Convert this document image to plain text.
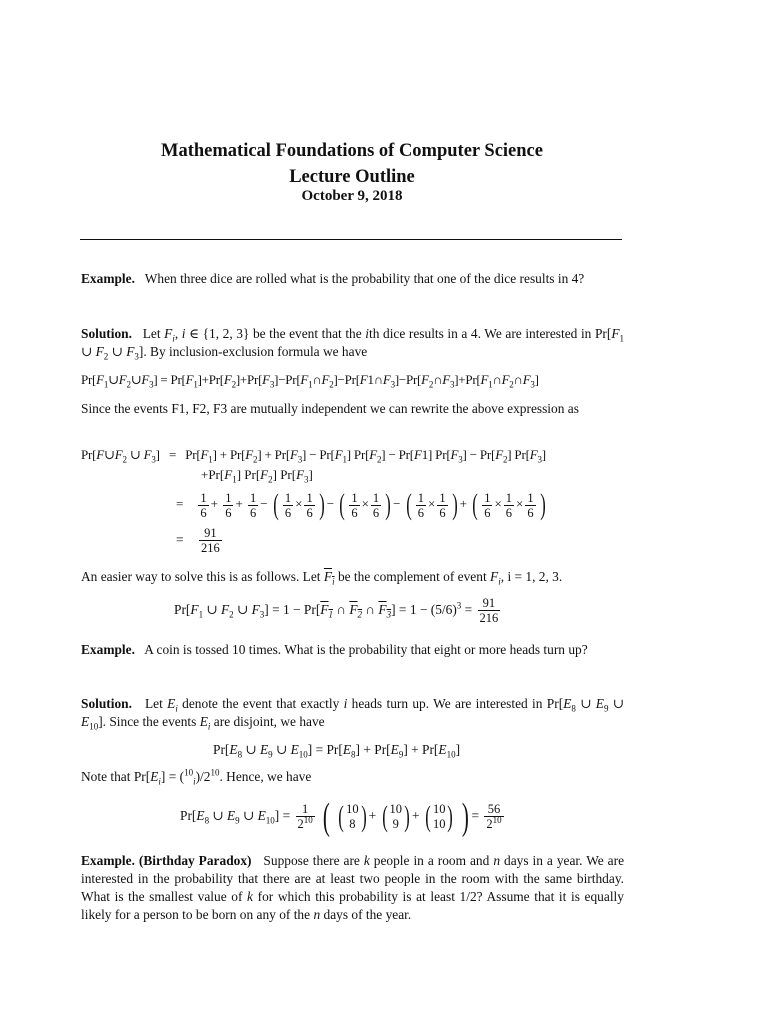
Mathematical Foundations of Computer Science
Lecture Outline
October 9, 2018
Example. When three dice are rolled what is the probability that one of the dice results in 4?
Solution. Let $F_i$, i ∈ {1, 2, 3} be the event that the ith dice results in a 4. We are interested in $Pr[F_1$ ∪ $F_2$ ∪ $F_3$]. By inclusion-exclusion formula we have
$Pr[F_1\cup F_2\cup F_3]$ = $Pr[F_1]+Pr[F_2]+Pr[F_3]-Pr[F_1\cap F_2]-Pr[F1\cap F_3]-Pr[F_2\cap F_3]+Pr[F_1\cap F_2\cap F_3]$
Since the events F1, F2, F3 are mutually independent we can rewrite the above expression as
$Pr[F\cup F_2$ ∪ $F_3] = Pr[F_1] + Pr[F_2] + Pr[F_3] - Pr[F_1]$ $Pr[F_2] - Pr[F1] Pr[F_3] - Pr[F_2]$ $Pr[F_3]$
$+Pr[F_1]$ $Pr[F_2]$ $Pr[F_3]$
= $\frac{1}{6} + \frac{1}{6} + \frac{1}{6}$ − ( $\frac{1}{6} \times \frac{1}{6}$ ) − ( $\frac{1}{6} \times \frac{1}{6}$ ) − ( $\frac{1}{6} \times \frac{1}{6}$ ) + ( $\frac{1}{6} \times \frac{1}{6} \times \frac{1}{6}$ )
= $\frac{91}{216}$
An easier way to solve this is as follows. Let $F_i$ be the complement of event $F_i$, i = 1, 2, 3.
$Pr[F_1$ ∪ $F_2$ ∪ $F_3] = 1 - Pr[F_1$ ∩ $F_2$ ∩ $F_3] = 1 - (5/6)^3 = \frac{91}{216}$
Example. A coin is tossed 10 times. What is the probability that eight or more heads turn up?
Solution. Let $E_i$ denote the event that exactly i heads turn up. We are interested in $Pr[E_8$ ∪ $E_9$ ∪ $E_{10}$]. Since the events $E_i$ are disjoint, we have
$Pr[E_8$ ∪ $E_9$ ∪ $E_{10}] = Pr[E_8] + Pr[E_9] + Pr[E_{10}]$
Note that $Pr[E_i] = (^{10}_i)/2^{10}$. Hence, we have
$Pr[E_8$ ∪ $E_9$ ∪ $E_{10}] = \frac{1}{2^{10}}$ ( ( 10
8 ) + ( 10
9 ) + ( 10
10 ) ) = $\frac{56}{2^{10}}$
Example. (Birthday Paradox) Suppose there are k people in a room and n days in a year. We are interested in the probability that there are at least two people in the room with the same birthday. What is the smallest value of k for which this probability is at least 1/2? Assume that it is equally likely for a person to be born on any of the n days of the year.
